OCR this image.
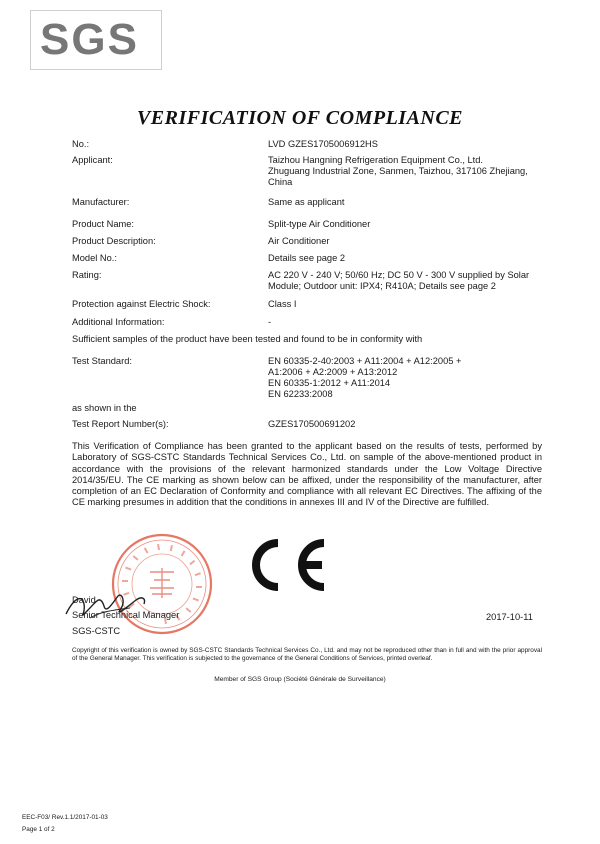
SGS
VERIFICATION OF COMPLIANCE
No.:	LVD GZES1705006912HS
Applicant:	Taizhou Hangning Refrigeration Equipment Co., Ltd.
Zhuguang Industrial Zone, Sanmen, Taizhou, 317106 Zhejiang,
China
Manufacturer:	Same as applicant
Product Name:	Split-type Air Conditioner
Product Description:	Air Conditioner
Model No.:	Details see page 2
Rating:	AC 220 V - 240 V; 50/60 Hz; DC 50 V - 300 V supplied by Solar
Module; Outdoor unit: IPX4; R410A; Details see page 2
Protection against Electric Shock:	Class I
Additional Information:	-
Sufficient samples of the product have been tested and found to be in conformity with
Test Standard:	EN 60335-2-40:2003 + A11:2004 + A12:2005 +
A1:2006 + A2:2009 + A13:2012
EN 60335-1:2012 + A11:2014
EN 62233:2008
as shown in the
Test Report Number(s):	GZES170500691202
This Verification of Compliance has been granted to the applicant based on the results of tests, performed by Laboratory of SGS-CSTC Standards Technical Services Co., Ltd. on sample of the above-mentioned product in accordance with the provisions of the relevant harmonized standards under the Low Voltage Directive 2014/35/EU. The CE marking as shown below can be affixed, under the responsibility of the manufacturer, after completion of an EC Declaration of Conformity and compliance with all relevant EC Directives. The affixing of the CE marking presumes in addition that the conditions in annexes III and IV of the Directive are fulfilled.
David
Senior Technical Manager
SGS-CSTC
2017-10-11
Copyright of this verification is owned by SGS-CSTC Standards Technical Services Co., Ltd. and may not be reproduced other than in full and with the prior approval of the General Manager. This verification is subjected to the governance of the General Conditions of Services, printed overleaf.
Member of SGS Group (Société Générale de Surveillance)
EEC-F03/ Rev.1.1/2017-01-03
Page 1 of 2
